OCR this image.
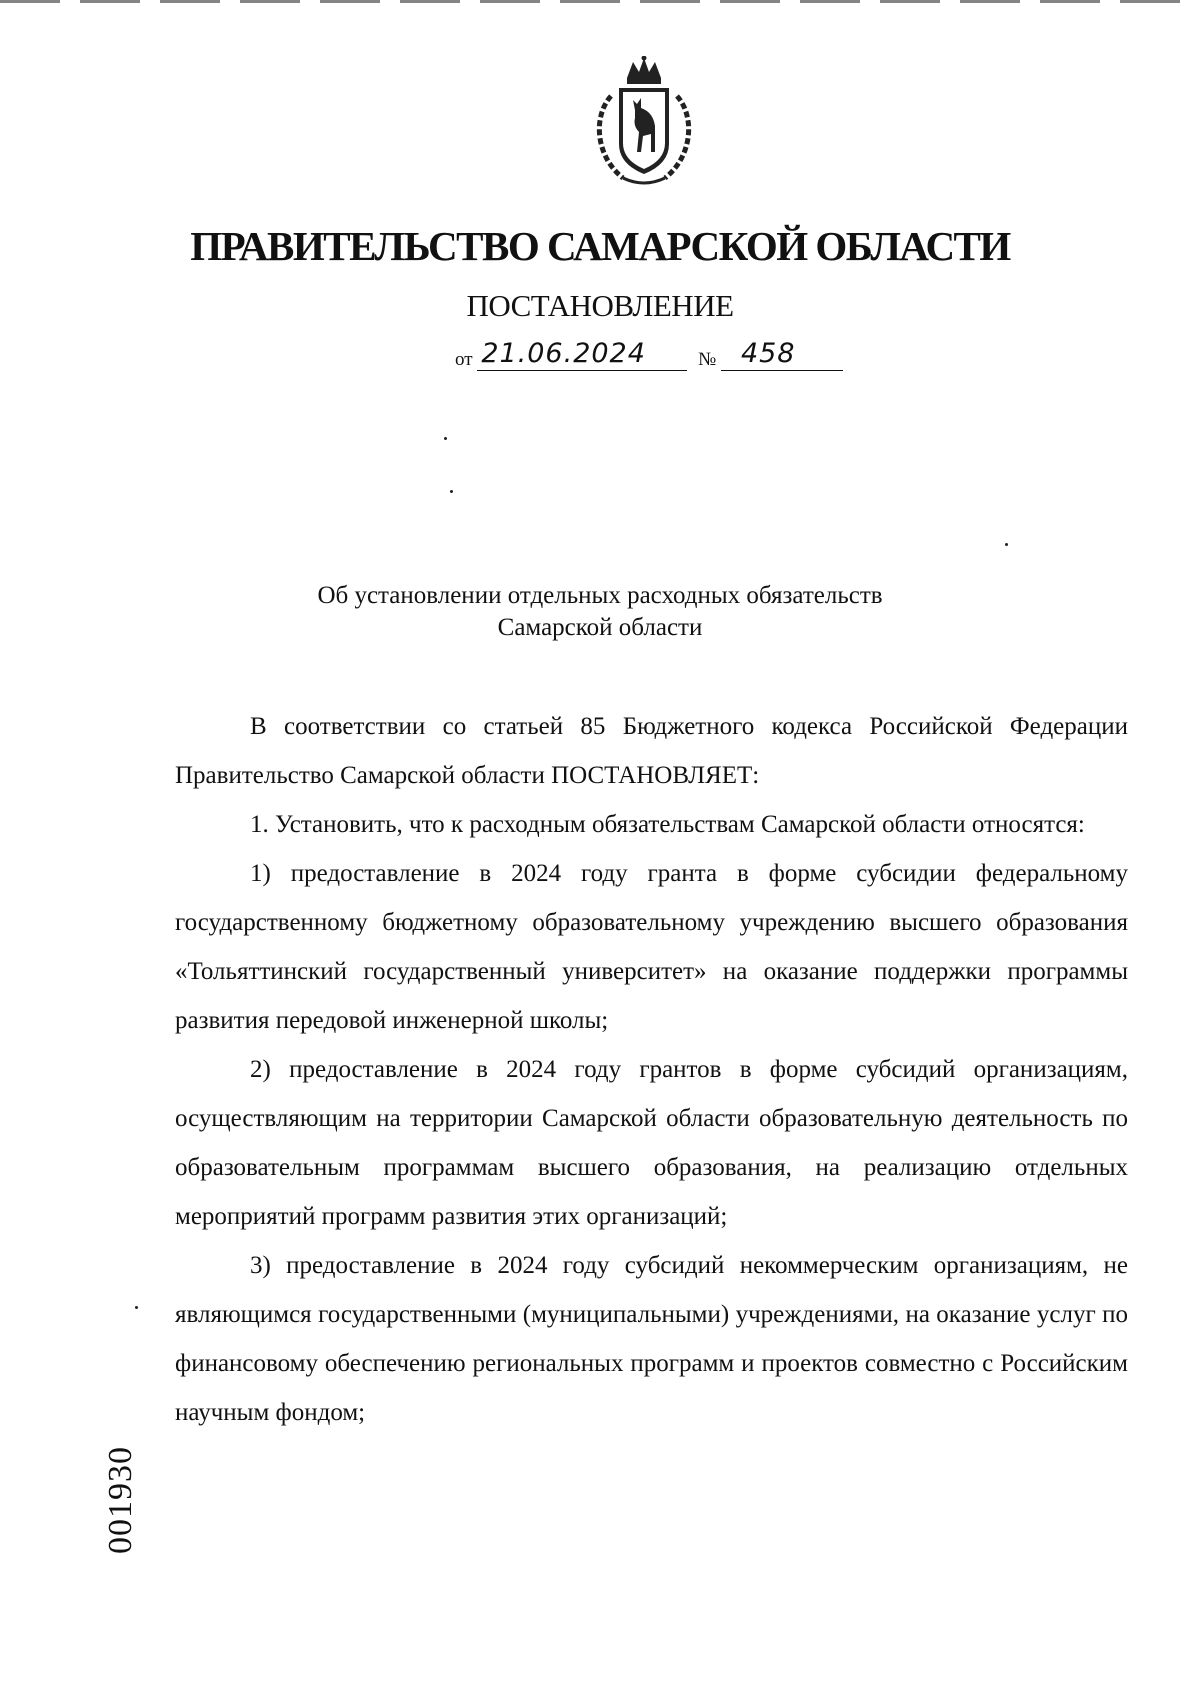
ПРАВИТЕЛЬСТВО САМАРСКОЙ ОБЛАСТИ
ПОСТАНОВЛЕНИЕ
от 21.06.2024	№ 458
Об установлении отдельных расходных обязательств
Самарской области

В соответствии со статьей 85 Бюджетного кодекса Российской Федерации Правительство Самарской области ПОСТАНОВЛЯЕТ:

1. Установить, что к расходным обязательствам Самарской области относятся:

1) предоставление в 2024 году гранта в форме субсидии федеральному государственному бюджетному образовательному учреждению высшего образования «Тольяттинский государственный университет» на оказание поддержки программы развития передовой инженерной школы;

2) предоставление в 2024 году грантов в форме субсидий организациям, осуществляющим на территории Самарской области образовательную деятельность по образовательным программам высшего образования, на реализацию отдельных мероприятий программ развития этих организаций;

3) предоставление в 2024 году субсидий некоммерческим организациям, не являющимся государственными (муниципальными) учреждениями, на оказание услуг по финансовому обеспечению региональных программ и проектов совместно с Российским научным фондом;

001930
